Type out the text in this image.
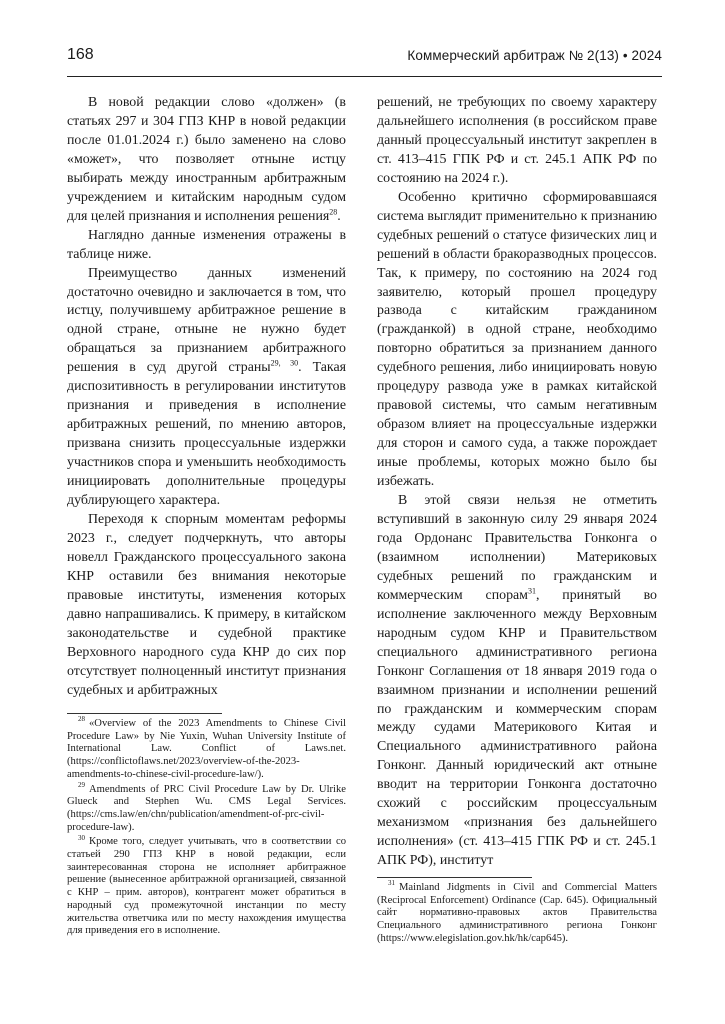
168	Коммерческий арбитраж № 2(13) • 2024

В новой редакции слово «должен» (в статьях 297 и 304 ГПЗ КНР в новой редакции после 01.01.2024 г.) было заменено на слово «может», что позволяет отныне истцу выбирать между иностранным арбитражным учреждением и китайским народным судом для целей признания и исполнения решения$^{28}$.

Наглядно данные изменения отражены в таблице ниже.

Преимущество данных изменений достаточно очевидно и заключается в том, что истцу, получившему арбитражное решение в одной стране, отныне не нужно будет обращаться за признанием арбитражного решения в суд другой страны$^{29, 30}$. Такая диспозитивность в регулировании институтов признания и приведения в исполнение арбитражных решений, по мнению авторов, призвана снизить процессуальные издержки участников спора и уменьшить необходимость инициировать дополнительные процедуры дублирующего характера.

Переходя к спорным моментам реформы 2023 г., следует подчеркнуть, что авторы новелл Гражданского процессуального закона КНР оставили без внимания некоторые правовые институты, изменения которых давно напрашивались. К примеру, в китайском законодательстве и судебной практике Верховного народного суда КНР до сих пор отсутствует полноценный институт признания судебных и арбитражных

решений, не требующих по своему характеру дальнейшего исполнения (в российском праве данный процессуальный институт закреплен в ст. 413–415 ГПК РФ и ст. 245.1 АПК РФ по состоянию на 2024 г.).

Особенно критично сформировавшаяся система выглядит применительно к признанию судебных решений о статусе физических лиц и решений в области бракоразводных процессов. Так, к примеру, по состоянию на 2024 год заявителю, который прошел процедуру развода с китайским гражданином (гражданкой) в одной стране, необходимо повторно обратиться за признанием данного судебного решения, либо инициировать новую процедуру развода уже в рамках китайской правовой системы, что самым негативным образом влияет на процессуальные издержки для сторон и самого суда, а также порождает иные проблемы, которых можно было бы избежать.

В этой связи нельзя не отметить вступивший в законную силу 29 января 2024 года Ордонанс Правительства Гонконга о (взаимном исполнении) Материковых судебных решений по гражданским и коммерческим спорам$^{31}$, принятый во исполнение заключенного между Верховным народным судом КНР и Правительством специального административного региона Гонконг Соглашения от 18 января 2019 года о взаимном признании и исполнении решений по гражданским и коммерческим спорам между судами Материкового Китая и Специального административного района Гонконг. Данный юридический акт отныне вводит на территории Гонконга достаточно схожий с российским процессуальным механизмом «признания без дальнейшего исполнения» (ст. 413–415 ГПК РФ и ст. 245.1 АПК РФ), институт

$^{28}$ «Overview of the 2023 Amendments to Chinese Civil Procedure Law» by Nie Yuxin, Wuhan University Institute of International Law. Conflict of Laws.net. (https://conflictoflaws.net/2023/overview-of-the-2023-amendments-to-chinese-civil-procedure-law/).

$^{29}$ Amendments of PRC Civil Procedure Law by Dr. Ulrike Glueck and Stephen Wu. CMS Legal Services. (https://cms.law/en/chn/publication/amendment-of-prc-civil-procedure-law).

$^{30}$ Кроме того, следует учитывать, что в соответствии со статьей 290 ГПЗ КНР в новой редакции, если заинтересованная сторона не исполняет арбитражное решение (вынесенное арбитражной организацией, связанной с КНР – прим. авторов), контрагент может обратиться в народный суд промежуточной инстанции по месту жительства ответчика или по месту нахождения имущества для приведения его в исполнение.

$^{31}$ Mainland Jidgments in Civil and Commercial Matters (Reciprocal Enforcement) Ordinance (Cap. 645). Официальный сайт нормативно-правовых актов Правительства Специального административного региона Гонконг (https://www.elegislation.gov.hk/hk/cap645).
